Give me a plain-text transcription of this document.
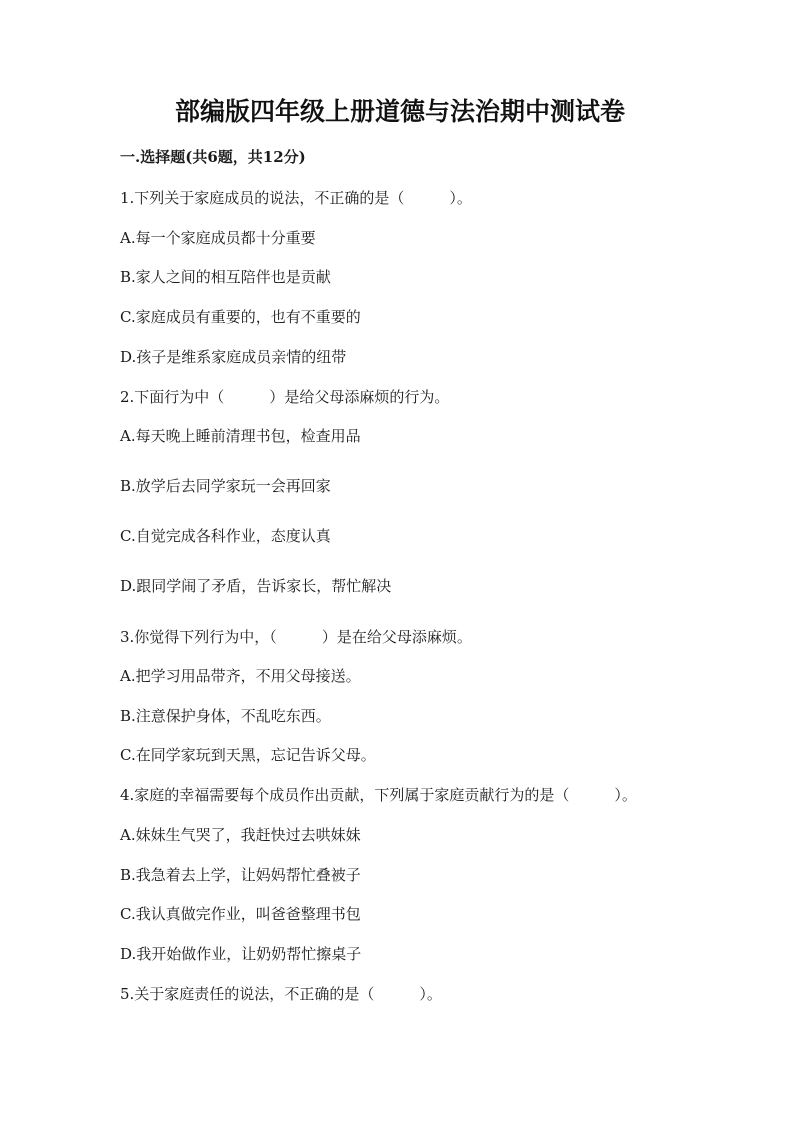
部编版四年级上册道德与法治期中测试卷
一.选择题(共6题，共12分)
1.下列关于家庭成员的说法，不正确的是（　　　）。
A.每一个家庭成员都十分重要
B.家人之间的相互陪伴也是贡献
C.家庭成员有重要的，也有不重要的
D.孩子是维系家庭成员亲情的纽带
2.下面行为中（　　　）是给父母添麻烦的行为。
A.每天晚上睡前清理书包，检查用品
B.放学后去同学家玩一会再回家
C.自觉完成各科作业，态度认真
D.跟同学闹了矛盾，告诉家长，帮忙解决
3.你觉得下列行为中，（　　　）是在给父母添麻烦。
A.把学习用品带齐，不用父母接送。
B.注意保护身体，不乱吃东西。
C.在同学家玩到天黑，忘记告诉父母。
4.家庭的幸福需要每个成员作出贡献，下列属于家庭贡献行为的是（　　　）。
A.妹妹生气哭了，我赶快过去哄妹妹
B.我急着去上学，让妈妈帮忙叠被子
C.我认真做完作业，叫爸爸整理书包
D.我开始做作业，让奶奶帮忙擦桌子
5.关于家庭责任的说法，不正确的是（　　　）。
